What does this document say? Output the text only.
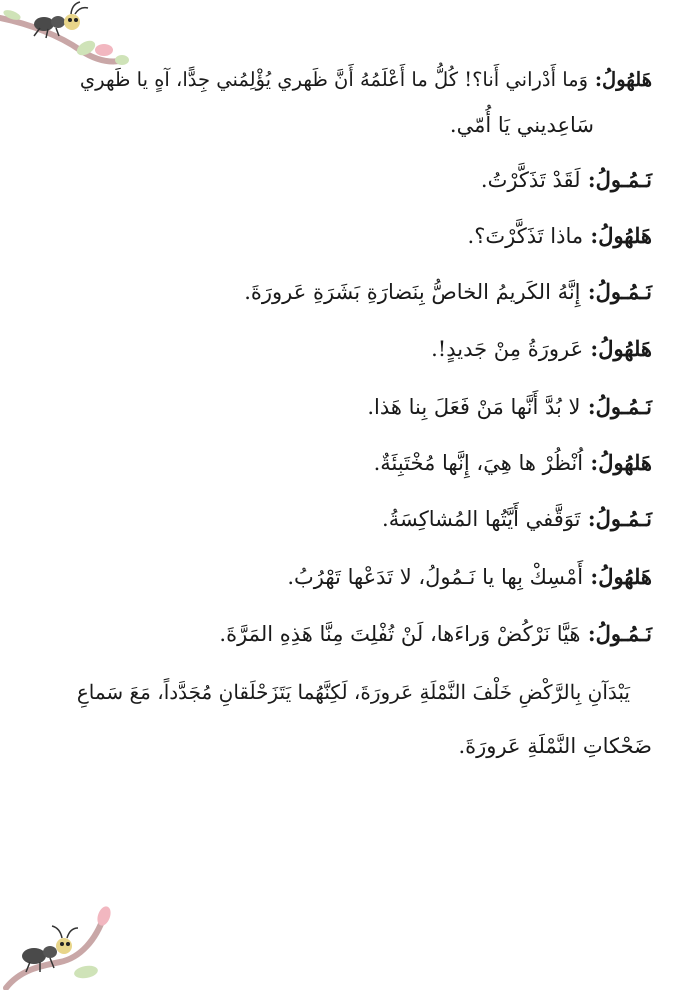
هَلهُولُ: وَما أَدْراني أَنا؟! كُلُّ ما أَعْلَمُهُ أَنَّ ظَهري يُؤْلِمُني جِدًّا، آهٍ يا ظَهري
سَاعِديني يَا أُمّي.
نَـمُـولُ: لَقَدْ تَذَكَّرْتُ.
هَلهُولُ: ماذا تَذَكَّرْتَ؟.
نَـمُـولُ: إِنَّهُ الكَريمُ الخاصُّ بِنَضارَةِ بَشَرَةِ عَرورَةَ.
هَلهُولُ: عَرورَةُ مِنْ جَديدٍ!.
نَـمُـولُ: لا بُدَّ أَنَّها مَنْ فَعَلَ بِنا هَذا.
هَلهُولُ: اُنْظُرْ ها هِيَ، إِنَّها مُخْتَبِئَةٌ.
نَـمُـولُ: تَوَقَّفي أَيَّتُها المُشاكِسَةُ.
هَلهُولُ: أَمْسِكْ بِها يا نَـمُولُ، لا تَدَعْها تَهْرُبُ.
نَـمُـولُ: هَيَّا نَرْكُضْ وَراءَها، لَنْ تُفْلِتَ مِنَّا هَذِهِ المَرَّةَ.
يَبْدَآنِ بِالرَّكْضِ خَلْفَ النَّمْلَةِ عَرورَةَ، لَكِنَّهُما يَتَزَحْلَقانِ مُجَدَّداً، مَعَ سَماعِ
ضَحْكاتِ النَّمْلَةِ عَرورَةَ.
